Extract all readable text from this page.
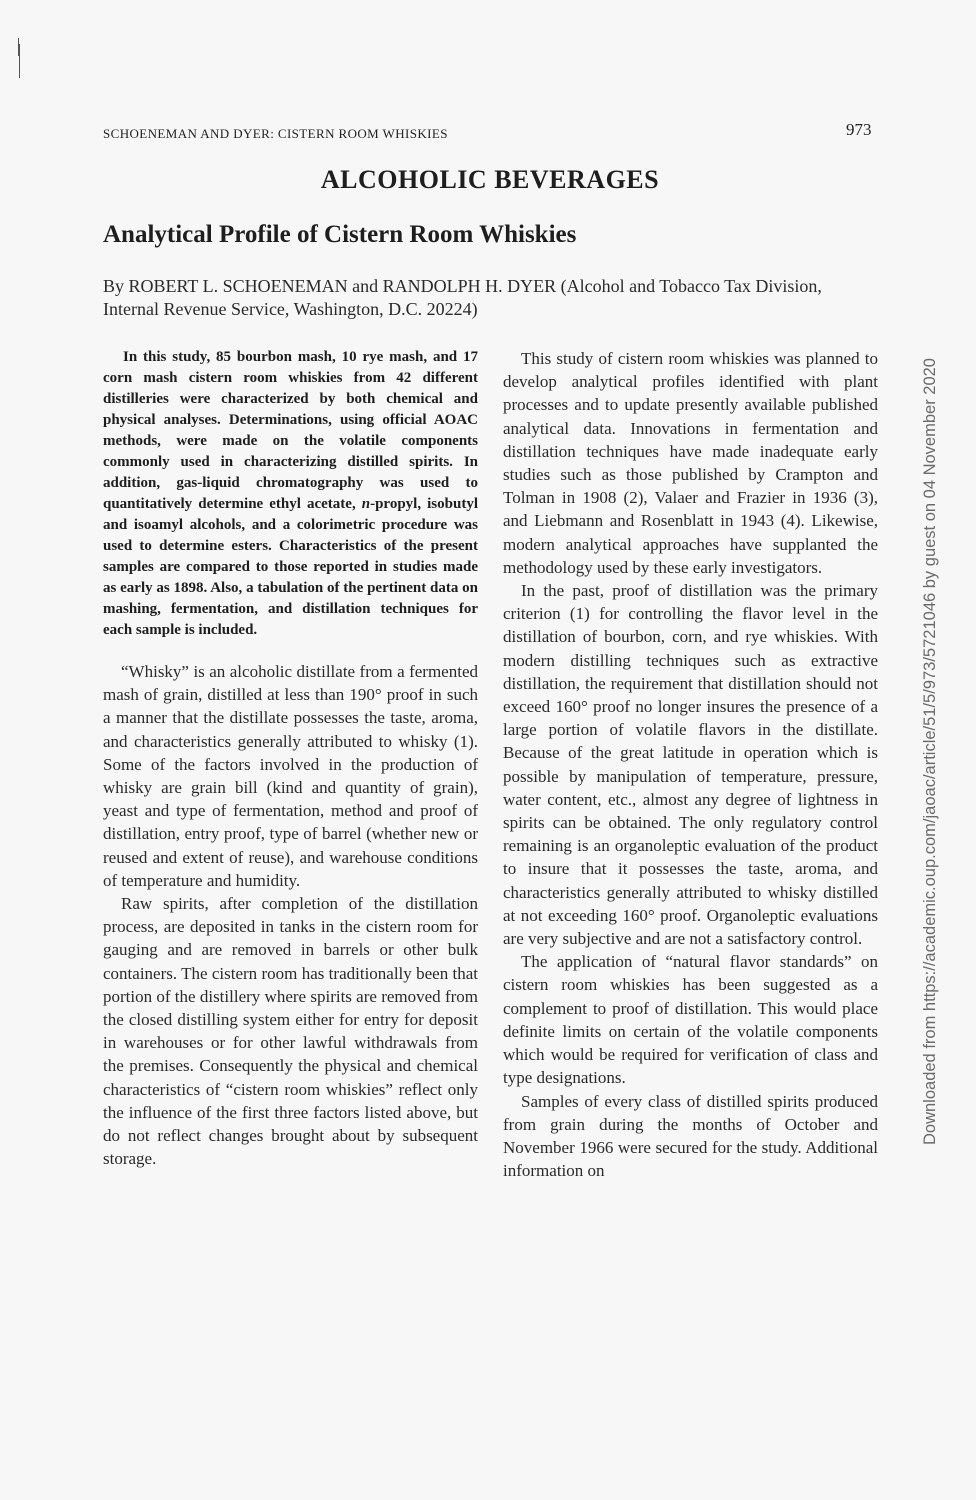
SCHOENEMAN AND DYER: CISTERN ROOM WHISKIES	973
ALCOHOLIC BEVERAGES
Analytical Profile of Cistern Room Whiskies
By ROBERT L. SCHOENEMAN and RANDOLPH H. DYER (Alcohol and Tobacco Tax Division, Internal Revenue Service, Washington, D.C. 20224)

In this study, 85 bourbon mash, 10 rye mash, and 17 corn mash cistern room whiskies from 42 different distilleries were characterized by both chemical and physical analyses. Determinations, using official AOAC methods, were made on the volatile components commonly used in characterizing distilled spirits. In addition, gas-liquid chromatography was used to quantitatively determine ethyl acetate, n-propyl, isobutyl and isoamyl alcohols, and a colorimetric procedure was used to determine esters. Characteristics of the present samples are compared to those reported in studies made as early as 1898. Also, a tabulation of the pertinent data on mashing, fermentation, and distillation techniques for each sample is included.

“Whisky” is an alcoholic distillate from a fermented mash of grain, distilled at less than 190° proof in such a manner that the distillate possesses the taste, aroma, and characteristics generally attributed to whisky (1). Some of the factors involved in the production of whisky are grain bill (kind and quantity of grain), yeast and type of fermentation, method and proof of distillation, entry proof, type of barrel (whether new or reused and extent of reuse), and warehouse conditions of temperature and humidity.

Raw spirits, after completion of the distillation process, are deposited in tanks in the cistern room for gauging and are removed in barrels or other bulk containers. The cistern room has traditionally been that portion of the distillery where spirits are removed from the closed distilling system either for entry for deposit in warehouses or for other lawful withdrawals from the premises. Consequently the physical and chemical characteristics of “cistern room whiskies” reflect only the influence of the first three factors listed above, but do not reflect changes brought about by subsequent storage.

This study of cistern room whiskies was planned to develop analytical profiles identified with plant processes and to update presently available published analytical data. Innovations in fermentation and distillation techniques have made inadequate early studies such as those published by Crampton and Tolman in 1908 (2), Valaer and Frazier in 1936 (3), and Liebmann and Rosenblatt in 1943 (4). Likewise, modern analytical approaches have supplanted the methodology used by these early investigators.

In the past, proof of distillation was the primary criterion (1) for controlling the flavor level in the distillation of bourbon, corn, and rye whiskies. With modern distilling techniques such as extractive distillation, the requirement that distillation should not exceed 160° proof no longer insures the presence of a large portion of volatile flavors in the distillate. Because of the great latitude in operation which is possible by manipulation of temperature, pressure, water content, etc., almost any degree of lightness in spirits can be obtained. The only regulatory control remaining is an organoleptic evaluation of the product to insure that it possesses the taste, aroma, and characteristics generally attributed to whisky distilled at not exceeding 160° proof. Organoleptic evaluations are very subjective and are not a satisfactory control.

The application of “natural flavor standards” on cistern room whiskies has been suggested as a complement to proof of distillation. This would place definite limits on certain of the volatile components which would be required for verification of class and type designations.

Samples of every class of distilled spirits produced from grain during the months of October and November 1966 were secured for the study. Additional information on

Downloaded from https://academic.oup.com/jaoac/article/51/5/973/5721046 by guest on 04 November 2020
